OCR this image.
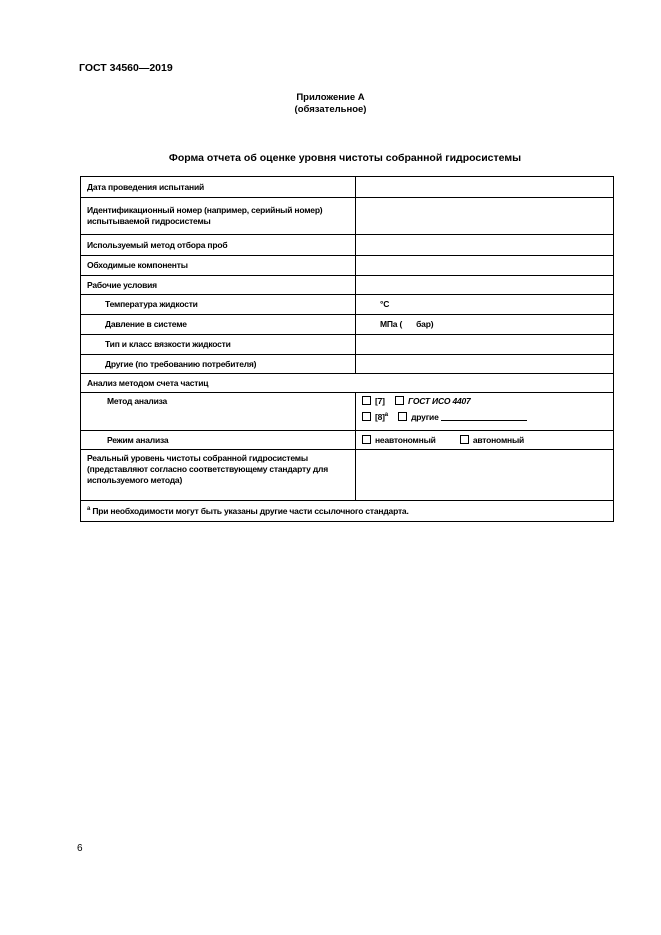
ГОСТ 34560—2019
Приложение А
(обязательное)
Форма отчета об оценке уровня чистоты собранной гидросистемы
Дата проведения испытаний	
Идентификационный номер (например, серийный номер) испытываемой гидросистемы	
Используемый метод отбора проб	
Обходимые компоненты	
Рабочие условия	
Температура жидкости	°С
Давление в системе	МПа ( бар)
Тип и класс вязкости жидкости	
Другие (по требованию потребителя)	
Анализ методом счета частиц	
Метод анализа	[7] ГОСТ ИСО 4407
$[8]^a$ другие

Режим анализа	неавтономный автономный
Реальный уровень чистоты собранной гидросистемы (представляют согласно соответствующему стандарту для используемого метода)	
$^а$ При необходимости могут быть указаны другие части ссылочного стандарта.	
6
